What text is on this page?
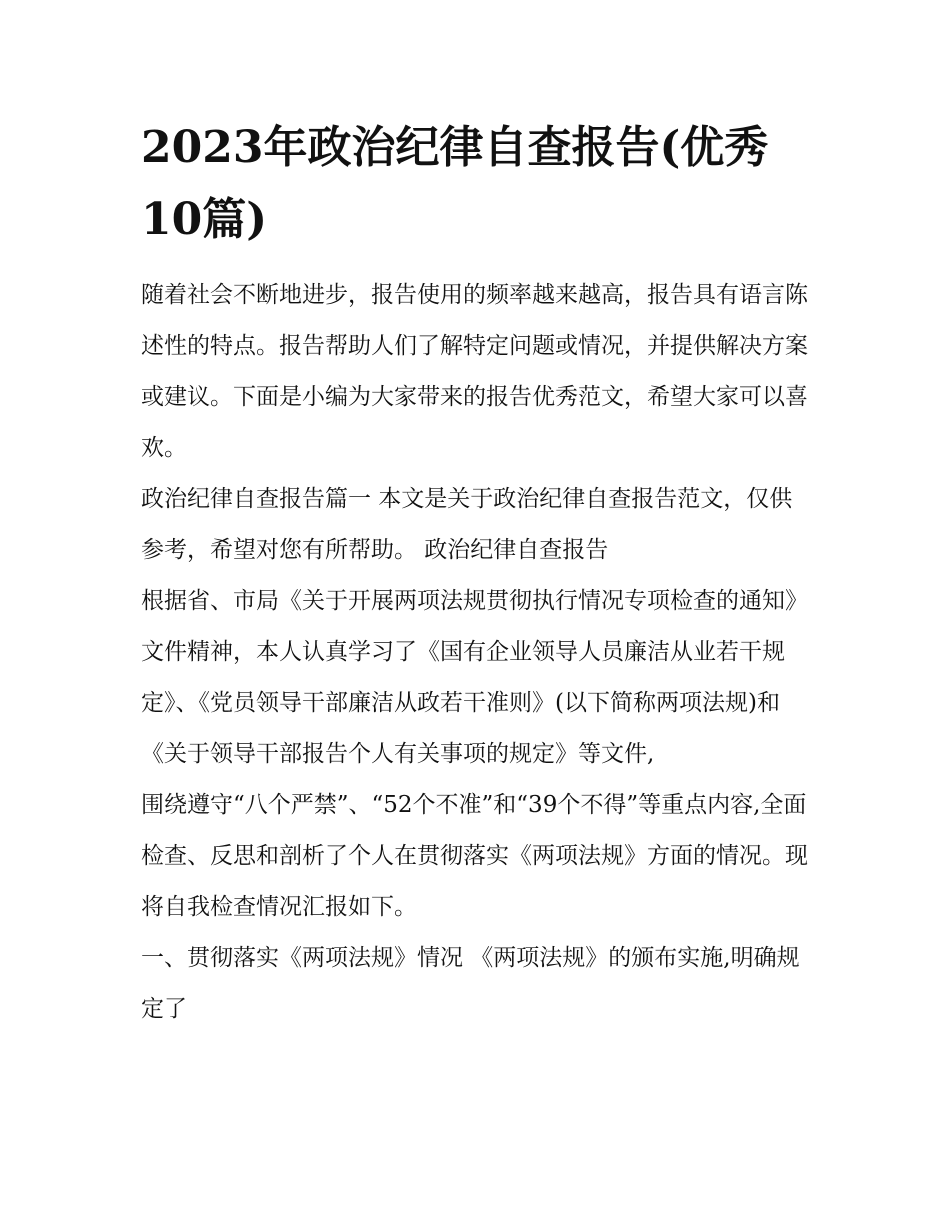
2023年政治纪律自查报告(优秀10篇)

随着社会不断地进步，报告使用的频率越来越高，报告具有语言陈述性的特点。报告帮助人们了解特定问题或情况，并提供解决方案或建议。下面是小编为大家带来的报告优秀范文，希望大家可以喜欢。

政治纪律自查报告篇一 本文是关于政治纪律自查报告范文，仅供参考，希望对您有所帮助。 政治纪律自查报告

根据省、市局《关于开展两项法规贯彻执行情况专项检查的通知》文件精神，本人认真学习了《国有企业领导人员廉洁从业若干规定》、《党员领导干部廉洁从政若干准则》(以下简称两项法规)和《关于领导干部报告个人有关事项的规定》等文件,

围绕遵守“八个严禁”、“52个不准”和“39个不得”等重点内容,全面检查、反思和剖析了个人在贯彻落实《两项法规》方面的情况。现将自我检查情况汇报如下。

一、贯彻落实《两项法规》情况 《两项法规》的颁布实施,明确规定了
